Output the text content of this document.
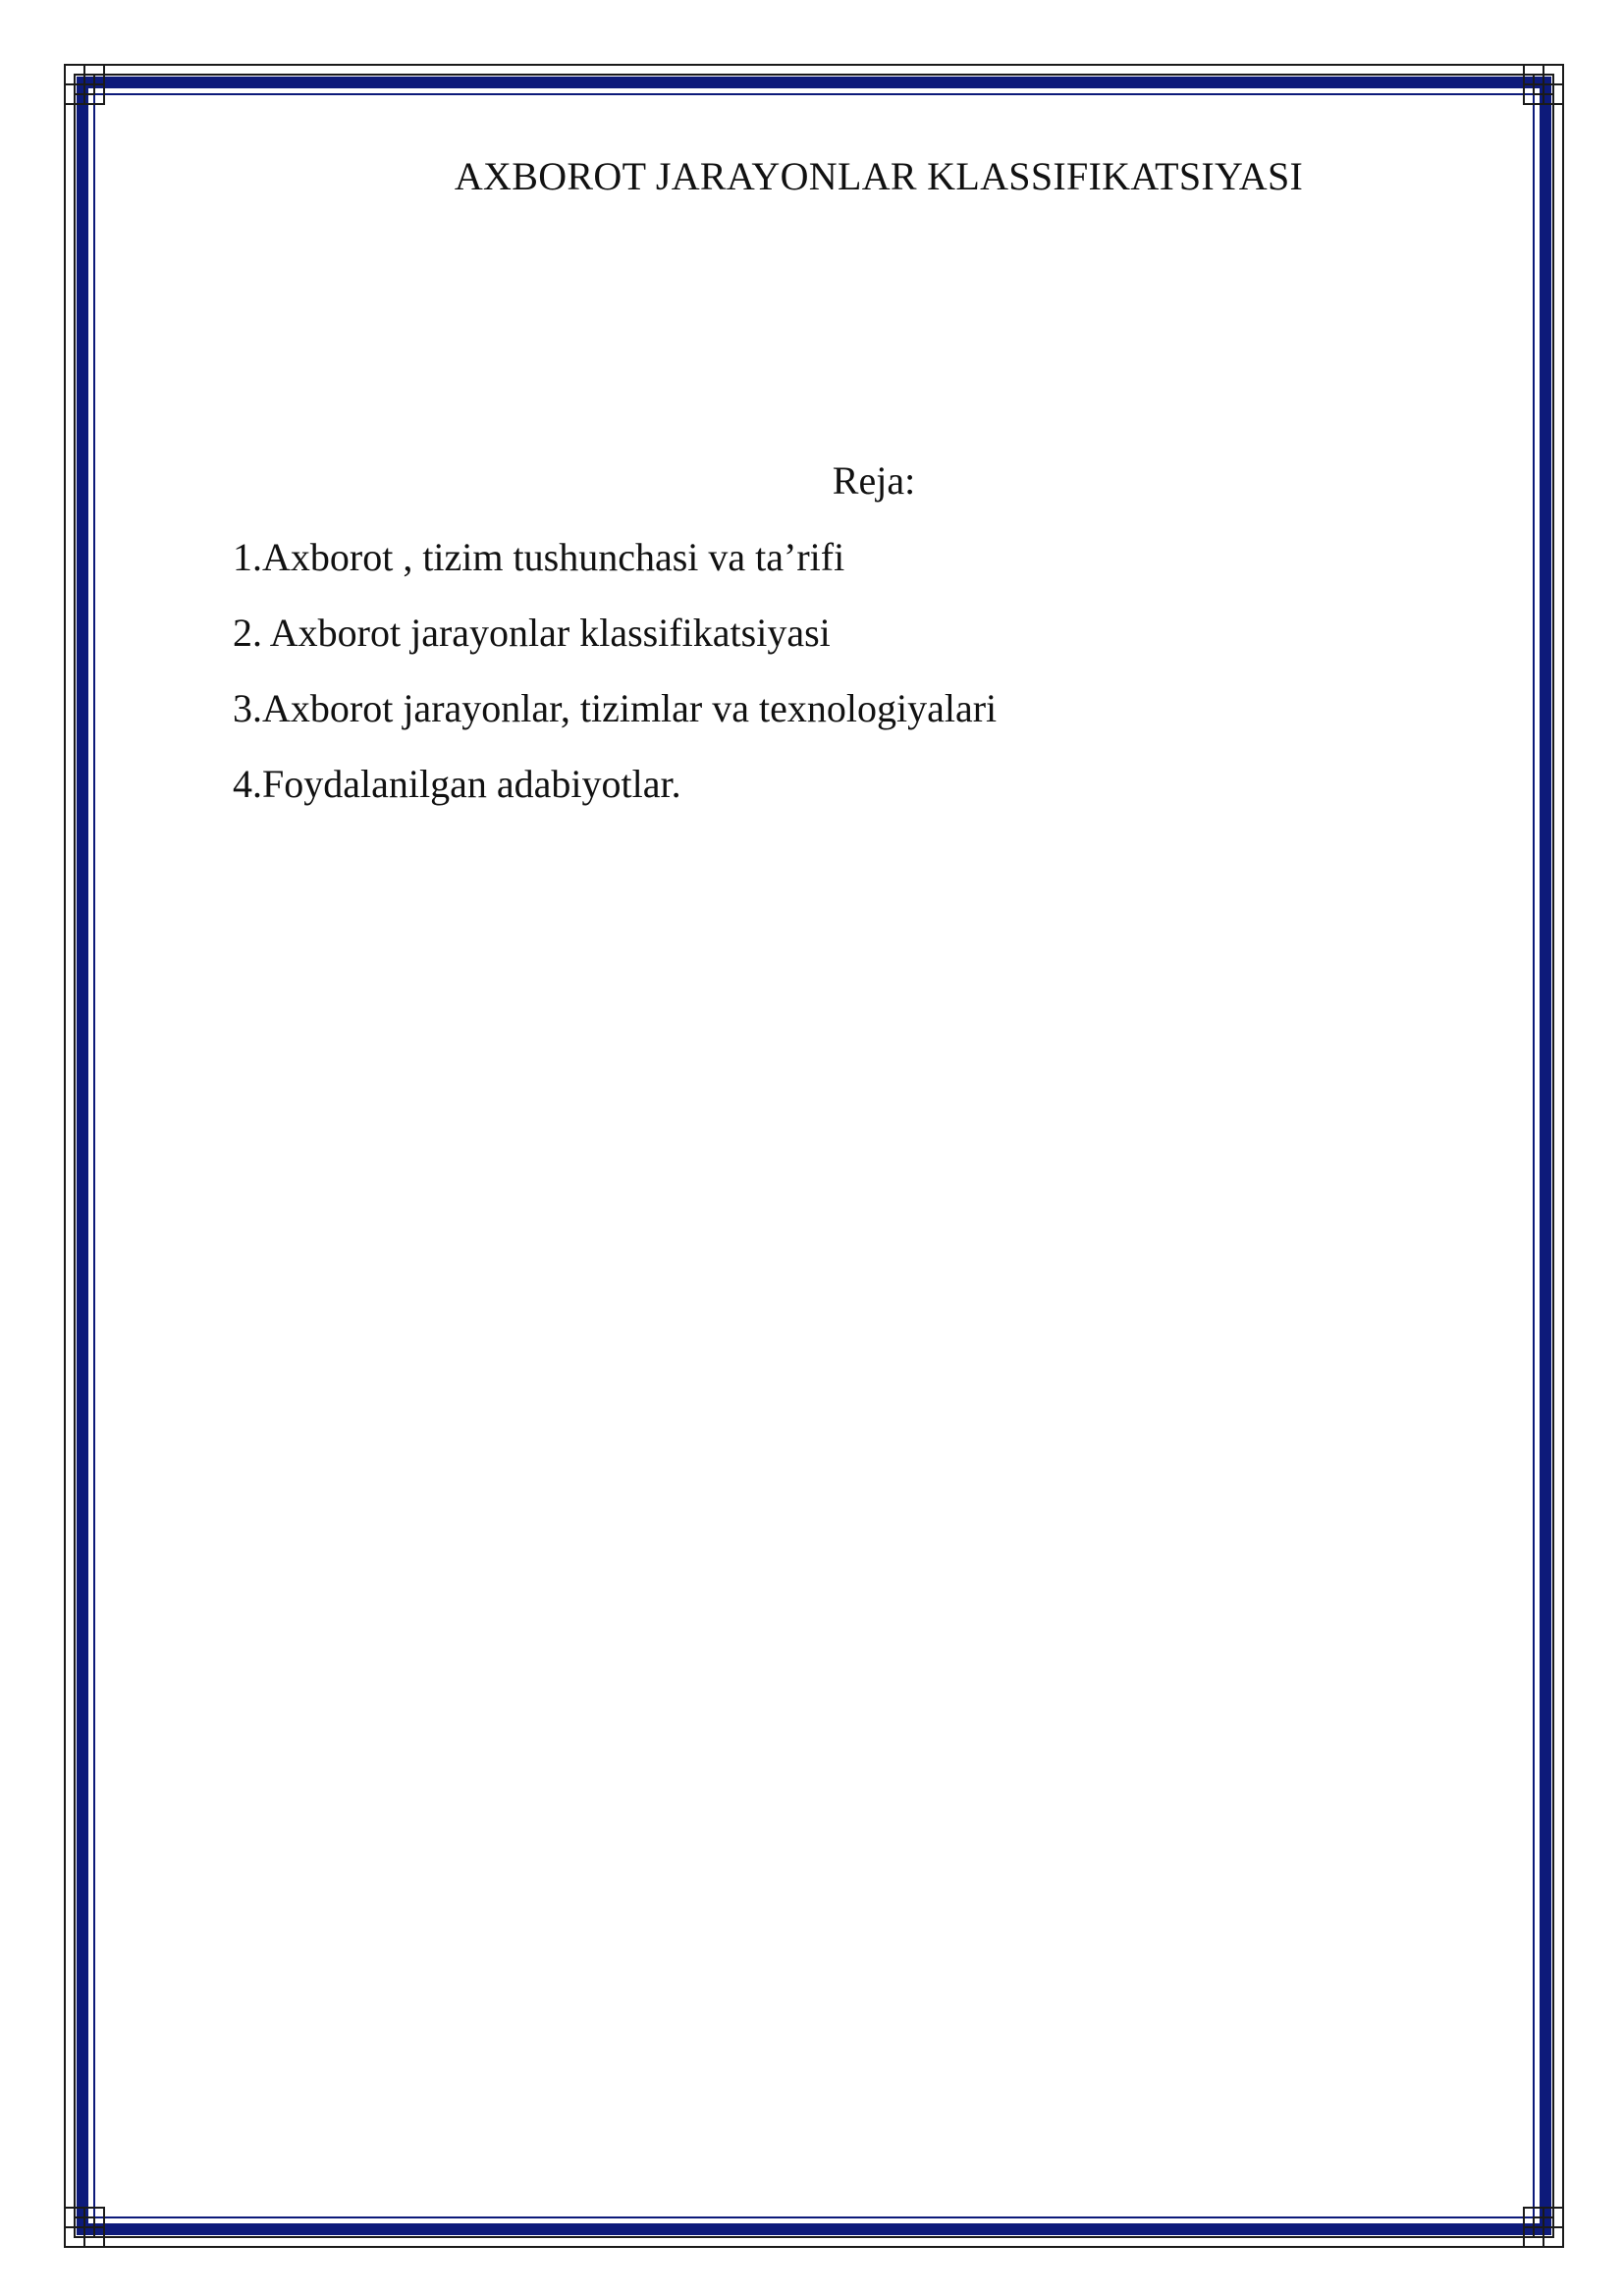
AXBOROT JARAYONLAR KLASSIFIKATSIYASI
Reja:
1.Axborot , tizim tushunchasi va ta’rifi
2. Axborot jarayonlar klassifikatsiyasi
3.Axborot jarayonlar, tizimlar va texnologiyalari
4.Foydalanilgan adabiyotlar.
